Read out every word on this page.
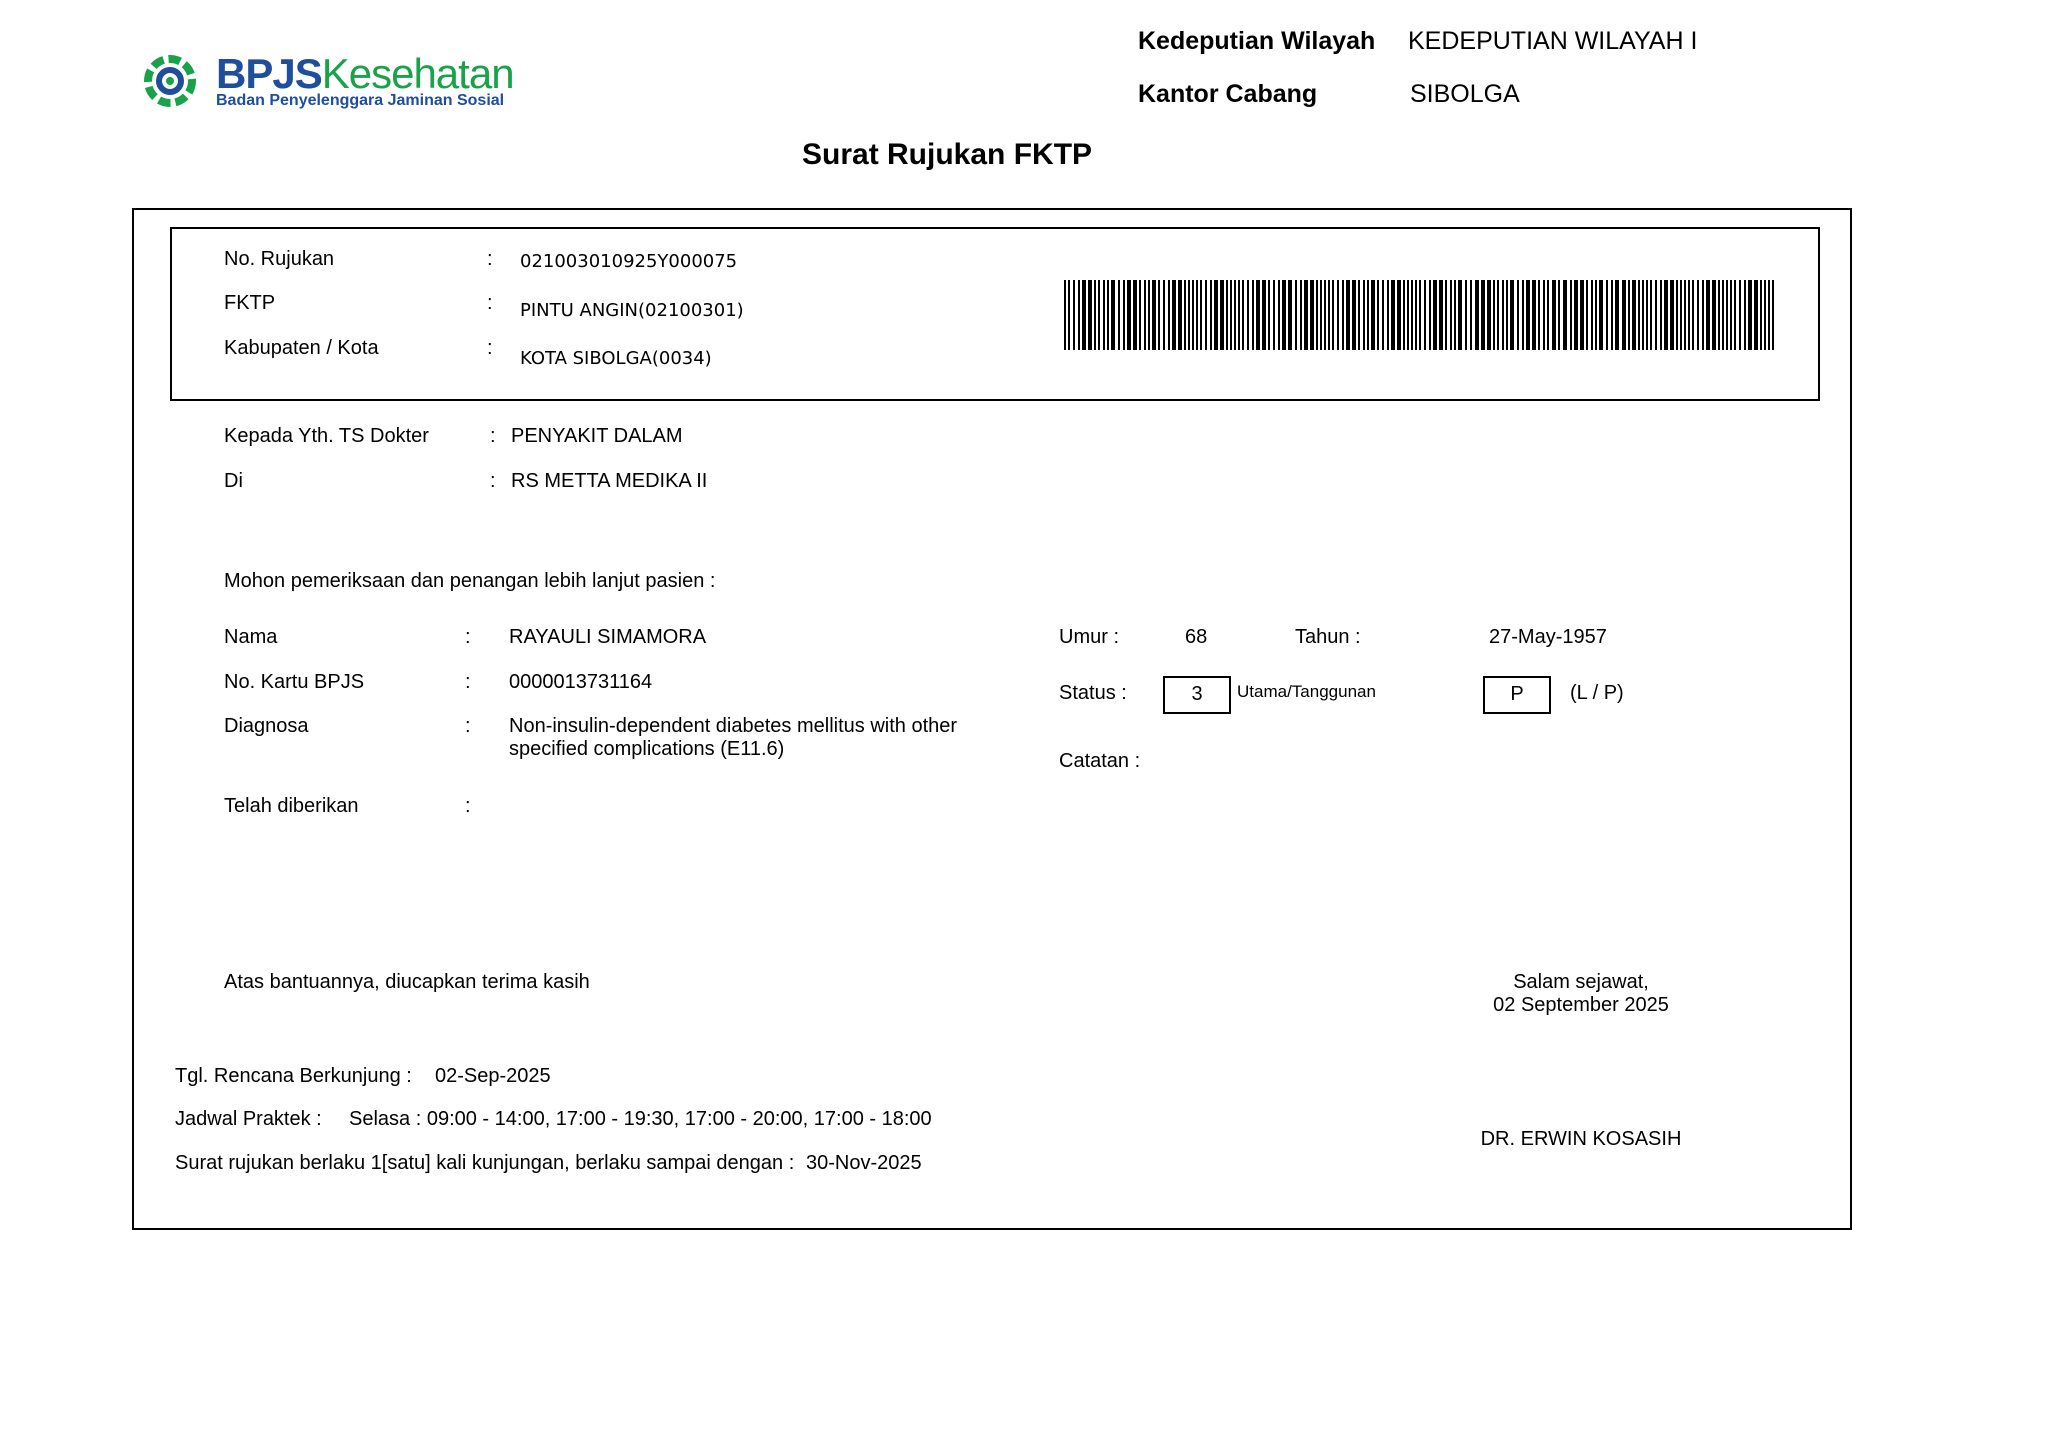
BPJSKesehatan
Badan Penyelenggara Jaminan Sosial
Kedeputian Wilayah KEDEPUTIAN WILAYAH I
Kantor Cabang	SIBOLGA
Surat Rujukan FKTP
No. Rujukan	: 021003010925Y000075
FKTP	: PINTU ANGIN(02100301)
Kabupaten / Kota	: KOTA SIBOLGA(0034)
Kepada Yth. TS Dokter	: PENYAKIT DALAM
Di	: RS METTA MEDIKA II
Mohon pemeriksaan dan penangan lebih lanjut pasien :
Nama	: RAYAULI SIMAMORA
No. Kartu BPJS	: 0000013731164
Diagnosa	: Non-insulin-dependent diabetes mellitus with other
specified complications (E11.6)
Telah diberikan	:
Umur :	68	Tahun :	27-May-1957
Status :	3	Utama/Tanggunan	P	(L / P)
Catatan :
Atas bantuannya, diucapkan terima kasih	Salam sejawat,
02 September 2025
DR. ERWIN KOSASIH
Tgl. Rencana Berkunjung : 02-Sep-2025
Jadwal Praktek : Selasa : 09:00 - 14:00, 17:00 - 19:30, 17:00 - 20:00, 17:00 - 18:00
Surat rujukan berlaku 1[satu] kali kunjungan, berlaku sampai dengan : 30-Nov-2025
